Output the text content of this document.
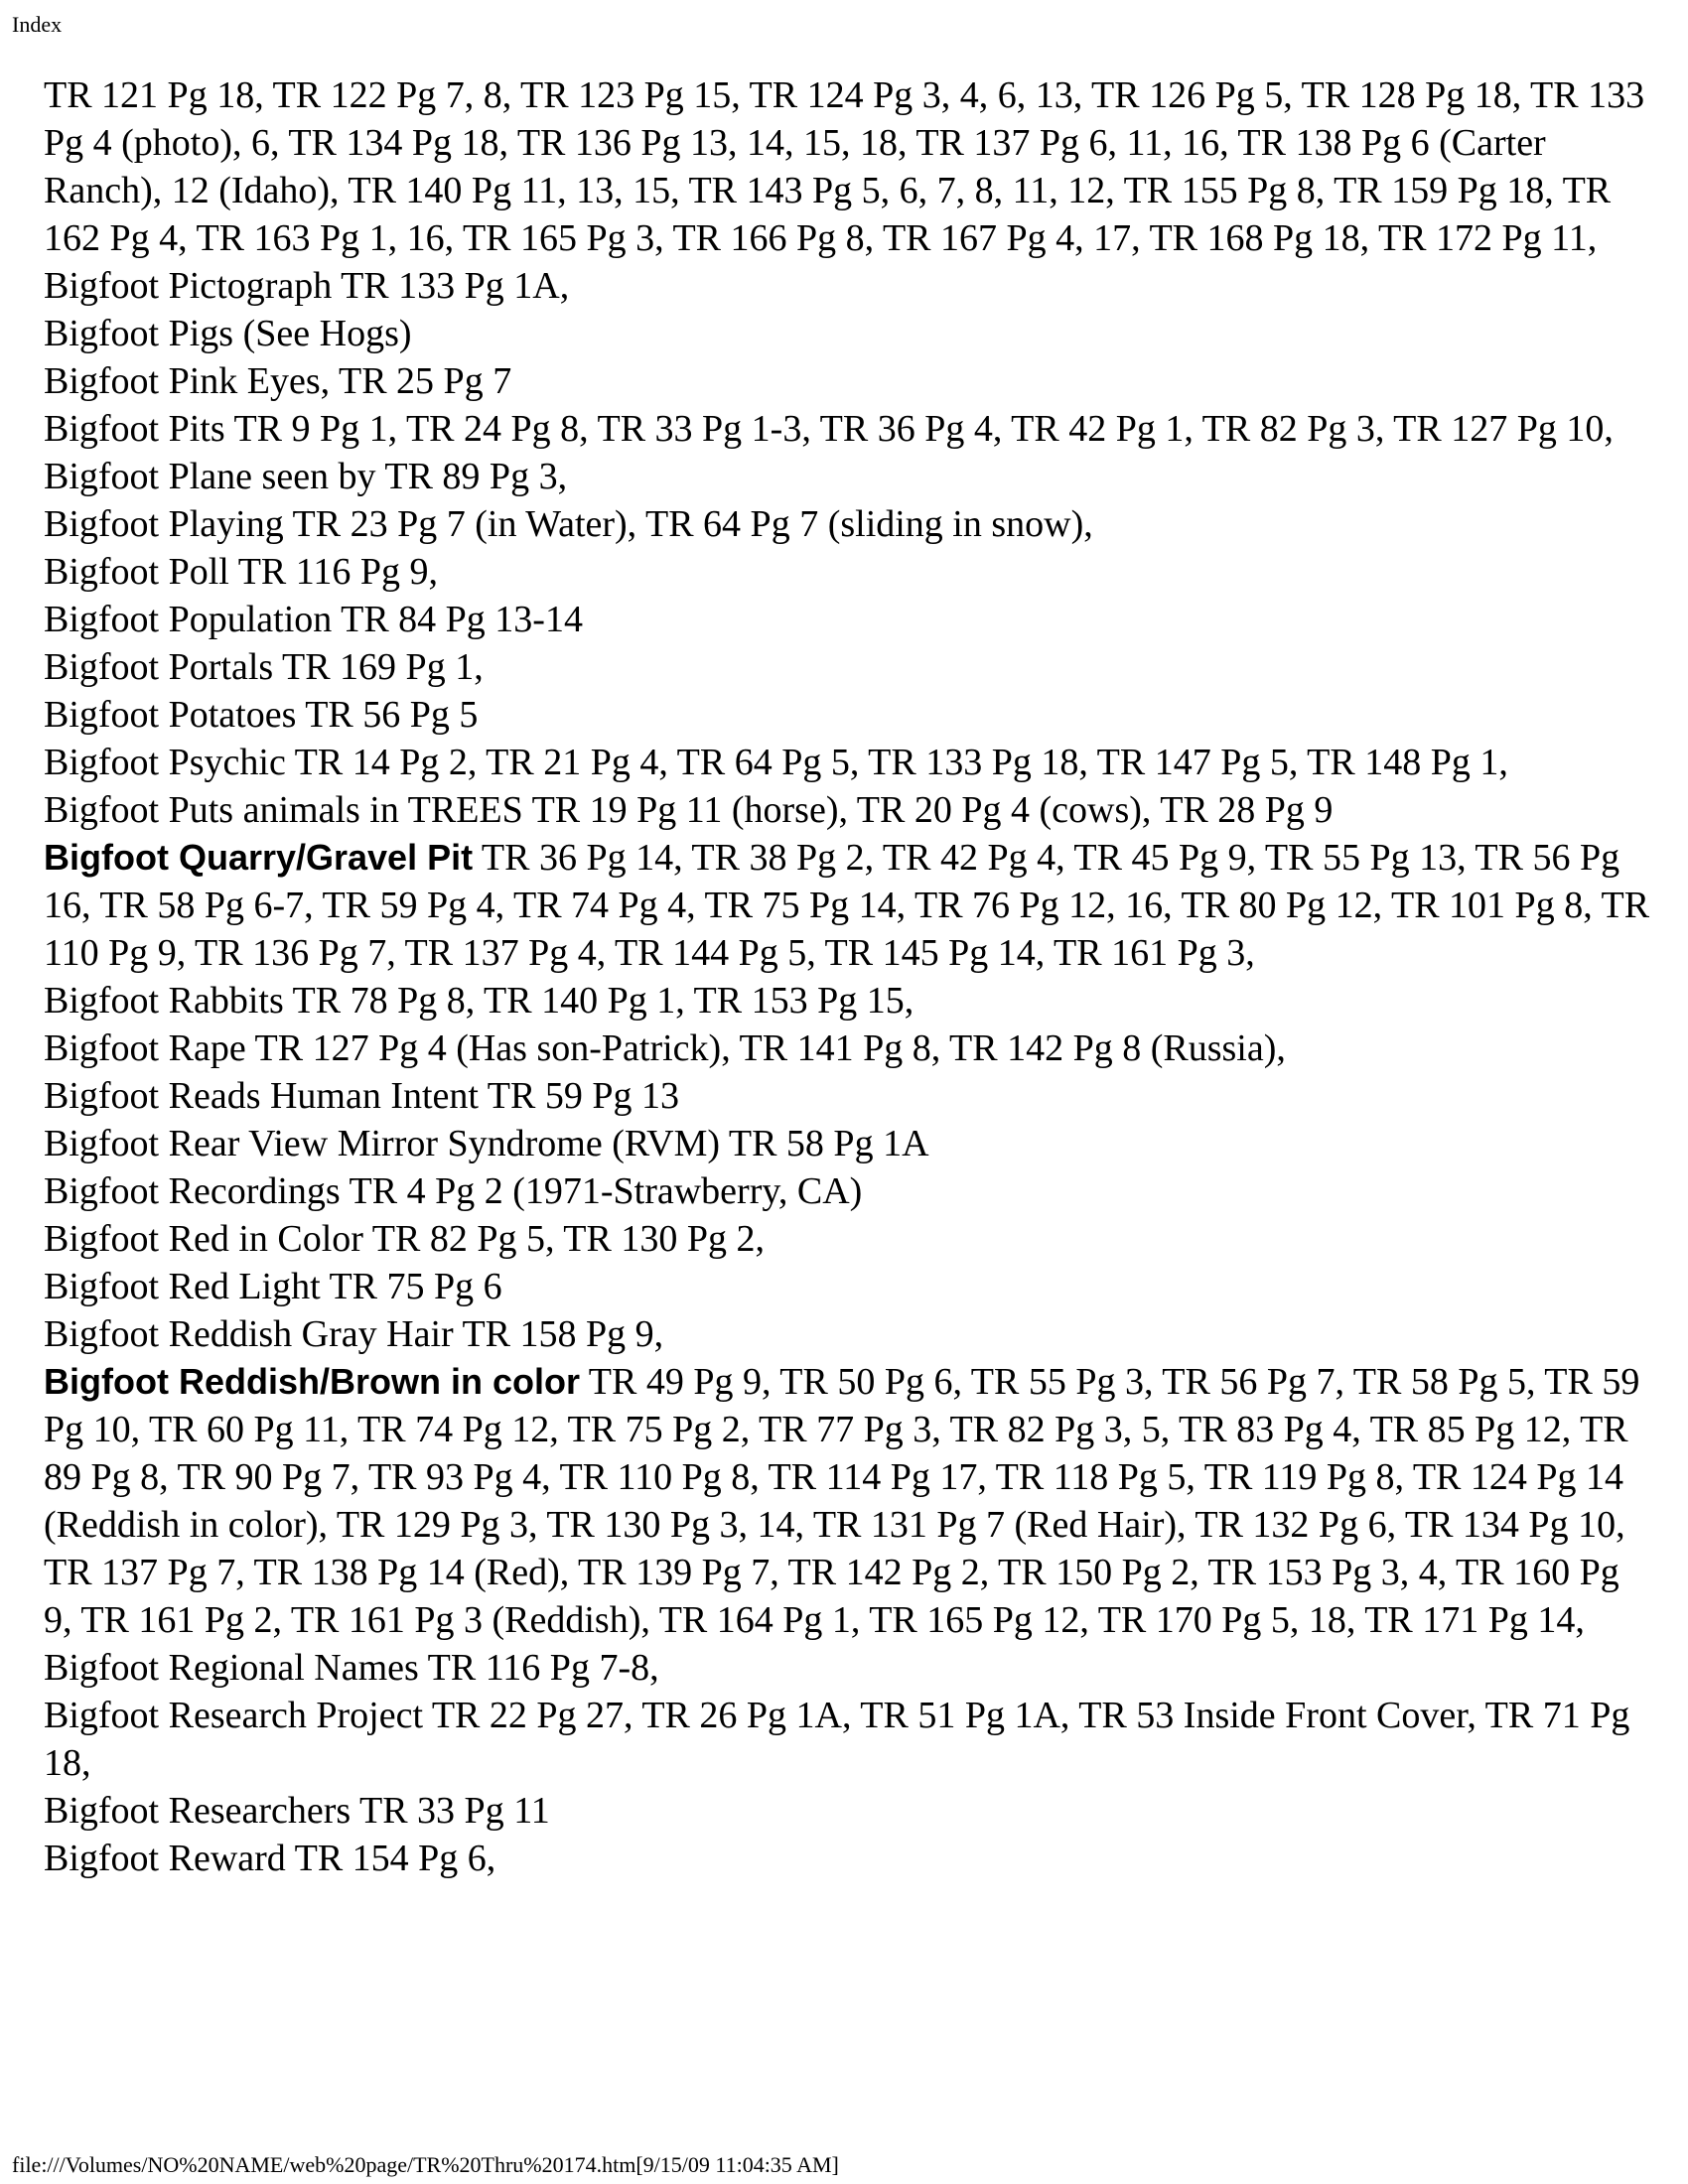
Index

TR 121 Pg 18, TR 122 Pg 7, 8, TR 123 Pg 15, TR 124 Pg 3, 4, 6, 13, TR 126 Pg 5, TR 128 Pg 18, TR 133 Pg 4 (photo), 6, TR 134 Pg 18, TR 136 Pg 13, 14, 15, 18, TR 137 Pg 6, 11, 16, TR 138 Pg 6 (Carter Ranch), 12 (Idaho), TR 140 Pg 11, 13, 15, TR 143 Pg 5, 6, 7, 8, 11, 12, TR 155 Pg 8, TR 159 Pg 18, TR 162 Pg 4, TR 163 Pg 1, 16, TR 165 Pg 3, TR 166 Pg 8, TR 167 Pg 4, 17, TR 168 Pg 18, TR 172 Pg 11,

Bigfoot Pictograph TR 133 Pg 1A,

Bigfoot Pigs (See Hogs)

Bigfoot Pink Eyes, TR 25 Pg 7

Bigfoot Pits TR 9 Pg 1, TR 24 Pg 8, TR 33 Pg 1-3, TR 36 Pg 4, TR 42 Pg 1, TR 82 Pg 3, TR 127 Pg 10,

Bigfoot Plane seen by TR 89 Pg 3,

Bigfoot Playing TR 23 Pg 7 (in Water), TR 64 Pg 7 (sliding in snow),

Bigfoot Poll TR 116 Pg 9,

Bigfoot Population TR 84 Pg 13-14

Bigfoot Portals TR 169 Pg 1,

Bigfoot Potatoes TR 56 Pg 5

Bigfoot Psychic TR 14 Pg 2, TR 21 Pg 4, TR 64 Pg 5, TR 133 Pg 18, TR 147 Pg 5, TR 148 Pg 1,

Bigfoot Puts animals in TREES TR 19 Pg 11 (horse), TR 20 Pg 4 (cows), TR 28 Pg 9

Bigfoot Quarry/Gravel Pit TR 36 Pg 14, TR 38 Pg 2, TR 42 Pg 4, TR 45 Pg 9, TR 55 Pg 13, TR 56 Pg 16, TR 58 Pg 6-7, TR 59 Pg 4, TR 74 Pg 4, TR 75 Pg 14, TR 76 Pg 12, 16, TR 80 Pg 12, TR 101 Pg 8, TR 110 Pg 9, TR 136 Pg 7, TR 137 Pg 4, TR 144 Pg 5, TR 145 Pg 14, TR 161 Pg 3,

Bigfoot Rabbits TR 78 Pg 8, TR 140 Pg 1, TR 153 Pg 15,

Bigfoot Rape TR 127 Pg 4 (Has son-Patrick), TR 141 Pg 8, TR 142 Pg 8 (Russia),

Bigfoot Reads Human Intent TR 59 Pg 13

Bigfoot Rear View Mirror Syndrome (RVM) TR 58 Pg 1A

Bigfoot Recordings TR 4 Pg 2 (1971-Strawberry, CA)

Bigfoot Red in Color TR 82 Pg 5, TR 130 Pg 2,

Bigfoot Red Light TR 75 Pg 6

Bigfoot Reddish Gray Hair TR 158 Pg 9,

Bigfoot Reddish/Brown in color TR 49 Pg 9, TR 50 Pg 6, TR 55 Pg 3, TR 56 Pg 7, TR 58 Pg 5, TR 59 Pg 10, TR 60 Pg 11, TR 74 Pg 12, TR 75 Pg 2, TR 77 Pg 3, TR 82 Pg 3, 5, TR 83 Pg 4, TR 85 Pg 12, TR 89 Pg 8, TR 90 Pg 7, TR 93 Pg 4, TR 110 Pg 8, TR 114 Pg 17, TR 118 Pg 5, TR 119 Pg 8, TR 124 Pg 14 (Reddish in color), TR 129 Pg 3, TR 130 Pg 3, 14, TR 131 Pg 7 (Red Hair), TR 132 Pg 6, TR 134 Pg 10, TR 137 Pg 7, TR 138 Pg 14 (Red), TR 139 Pg 7, TR 142 Pg 2, TR 150 Pg 2, TR 153 Pg 3, 4, TR 160 Pg 9, TR 161 Pg 2, TR 161 Pg 3 (Reddish), TR 164 Pg 1, TR 165 Pg 12, TR 170 Pg 5, 18, TR 171 Pg 14,

Bigfoot Regional Names TR 116 Pg 7-8,

Bigfoot Research Project TR 22 Pg 27, TR 26 Pg 1A, TR 51 Pg 1A, TR 53 Inside Front Cover, TR 71 Pg 18,

Bigfoot Researchers TR 33 Pg 11

Bigfoot Reward TR 154 Pg 6,

file:///Volumes/NO%20NAME/web%20page/TR%20Thru%20174.htm[9/15/09 11:04:35 AM]
